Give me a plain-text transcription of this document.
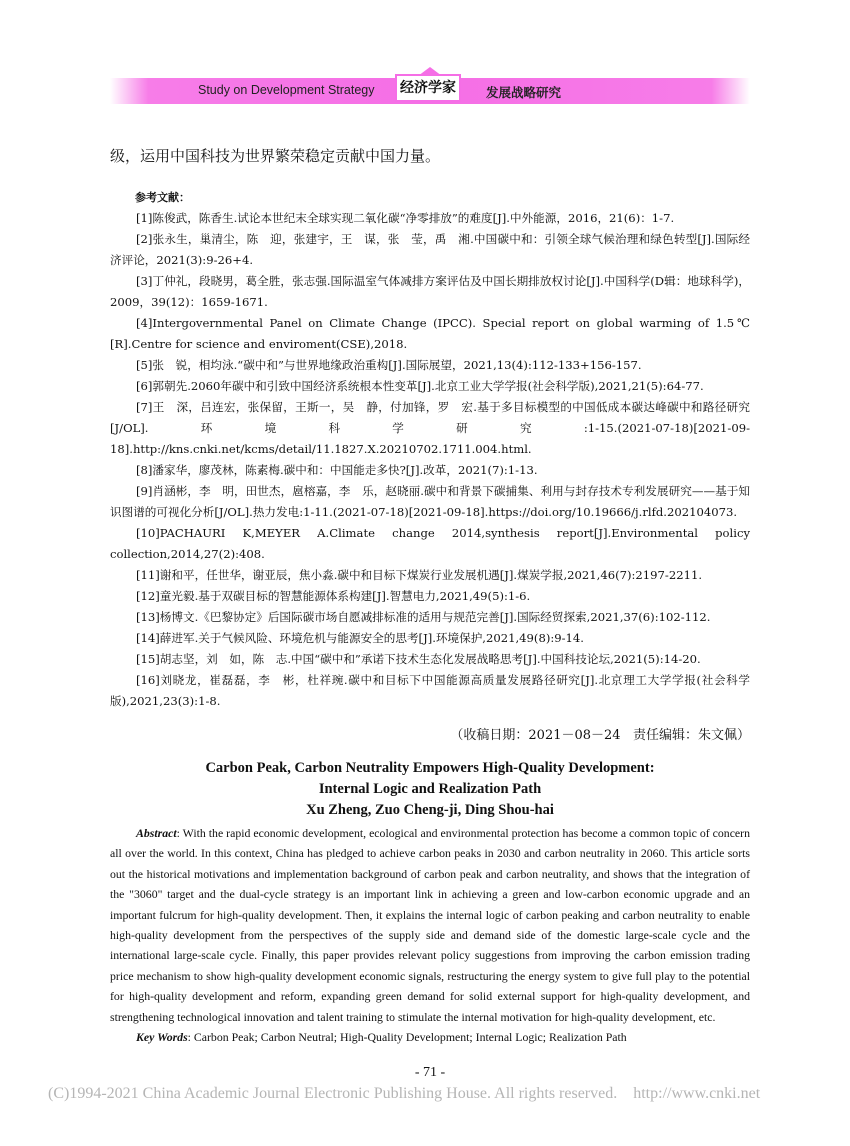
Study on Development Strategy	经济学家	发展战略研究
级，运用中国科技为世界繁荣稳定贡献中国力量。
参考文献：

[1]陈俊武，陈香生.试论本世纪末全球实现二氧化碳“净零排放”的难度[J].中外能源，2016，21(6)：1-7.

[2]张永生，巢清尘，陈　迎，张建宇，王　谋，张　莹，禹　湘.中国碳中和：引领全球气候治理和绿色转型[J].国际经济评论，2021(3):9-26+4.

[3]丁仲礼，段晓男，葛全胜，张志强.国际温室气体减排方案评估及中国长期排放权讨论[J].中国科学(D辑：地球科学)，2009，39(12)：1659-1671.

[4]Intergovernmental Panel on Climate Change (IPCC). Special report on global warming of 1.5℃[R].Centre for science and enviroment(CSE),2018.

[5]张　锐，相均泳.“碳中和”与世界地缘政治重构[J].国际展望，2021,13(4):112-133+156-157.

[6]郭朝先.2060年碳中和引致中国经济系统根本性变革[J].北京工业大学学报(社会科学版),2021,21(5):64-77.

[7]王　深，吕连宏，张保留，王斯一，吴　静，付加锋，罗　宏.基于多目标模型的中国低成本碳达峰碳中和路径研究[J/OL].环境科学研究:1-15.(2021-07-18)[2021-09-18].http://kns.cnki.net/kcms/detail/11.1827.X.20210702.1711.004.html.

[8]潘家华，廖茂林，陈素梅.碳中和：中国能走多快?[J].改革，2021(7):1-13.

[9]肖涵彬，李　明，田世杰，扈榕嘉，李　乐，赵晓丽.碳中和背景下碳捕集、利用与封存技术专利发展研究——基于知识图谱的可视化分析[J/OL].热力发电:1-11.(2021-07-18)[2021-09-18].https://doi.org/10.19666/j.rlfd.202104073.

[10]PACHAURI K,MEYER A.Climate change 2014,synthesis report[J].Environmental policy collection,2014,27(2):408.

[11]谢和平，任世华，谢亚辰，焦小淼.碳中和目标下煤炭行业发展机遇[J].煤炭学报,2021,46(7):2197-2211.

[12]童光毅.基于双碳目标的智慧能源体系构建[J].智慧电力,2021,49(5):1-6.

[13]杨博文.《巴黎协定》后国际碳市场自愿减排标准的适用与规范完善[J].国际经贸探索,2021,37(6):102-112.

[14]薛进军.关于气候风险、环境危机与能源安全的思考[J].环境保护,2021,49(8):9-14.

[15]胡志坚，刘　如，陈　志.中国“碳中和”承诺下技术生态化发展战略思考[J].中国科技论坛,2021(5):14-20.

[16]刘晓龙，崔磊磊，李　彬，杜祥琬.碳中和目标下中国能源高质量发展路径研究[J].北京理工大学学报(社会科学版),2021,23(3):1-8.

（收稿日期：2021－08－24 责任编辑：朱文佩）
Carbon Peak, Carbon Neutrality Empowers High-Quality Development:
Internal Logic and Realization Path
Xu Zheng, Zuo Cheng-ji, Ding Shou-hai

Abstract: With the rapid economic development, ecological and environmental protection has become a common topic of concern all over the world. In this context, China has pledged to achieve carbon peaks in 2030 and carbon neutrality in 2060. This article sorts out the historical motivations and implementation background of carbon peak and carbon neutrality, and shows that the integration of the "3060" target and the dual-cycle strategy is an important link in achieving a green and low-carbon economic upgrade and an important fulcrum for high-quality development. Then, it explains the internal logic of carbon peaking and carbon neutrality to enable high-quality development from the perspectives of the supply side and demand side of the domestic large-scale cycle and the international large-scale cycle. Finally, this paper provides relevant policy suggestions from improving the carbon emission trading price mechanism to show high-quality development economic signals, restructuring the energy system to give full play to the potential for high-quality development and reform, expanding green demand for solid external support for high-quality development, and strengthening technological innovation and talent training to stimulate the internal motivation for high-quality development, etc.

Key Words: Carbon Peak; Carbon Neutral; High-Quality Development; Internal Logic; Realization Path
- 71 -
(C)1994-2021 China Academic Journal Electronic Publishing House. All rights reserved.    http://www.cnki.net
